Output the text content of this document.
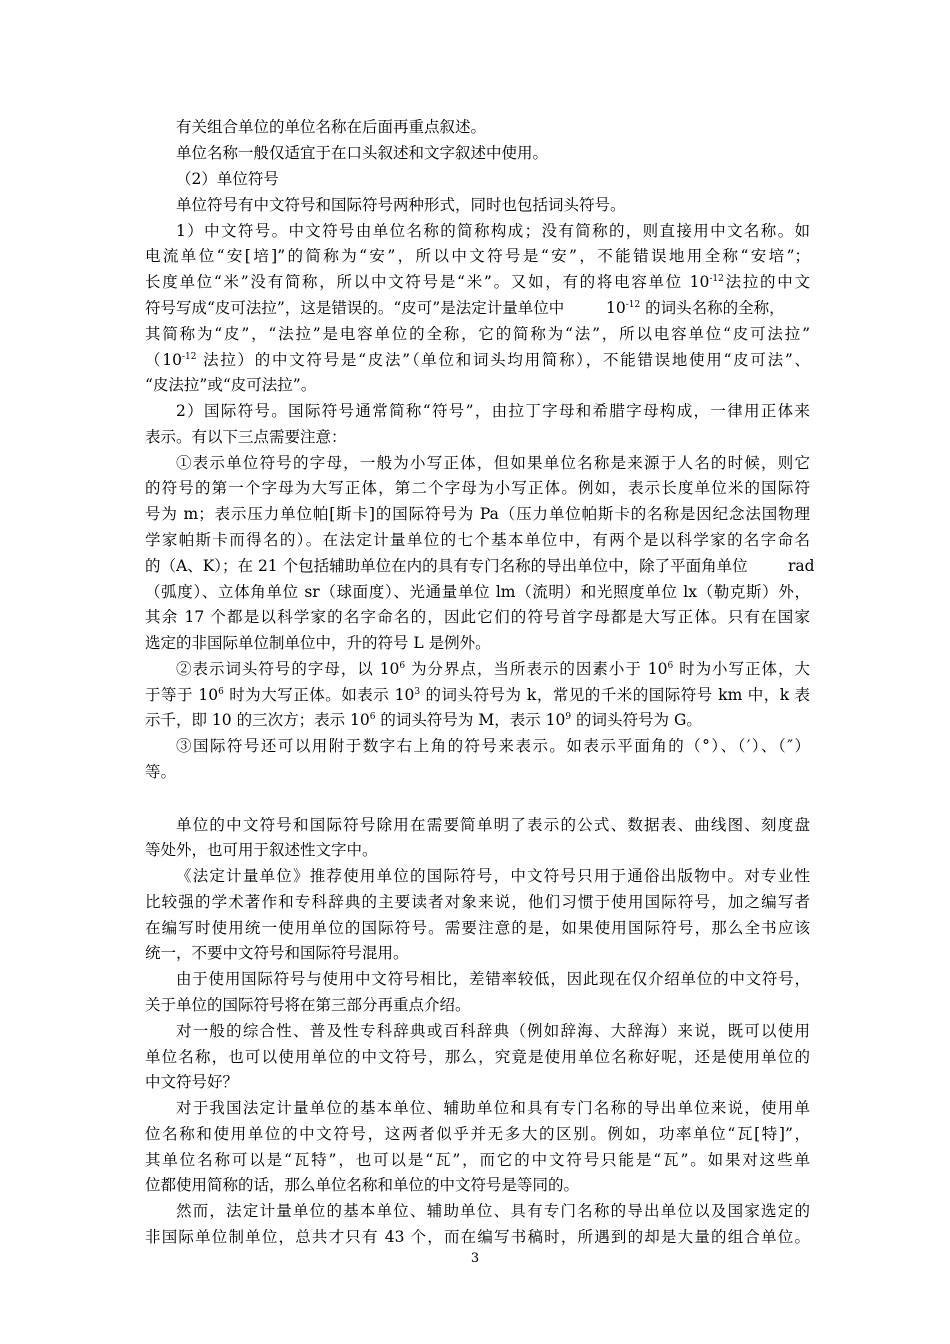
有关组合单位的单位名称在后面再重点叙述。
单位名称一般仅适宜于在口头叙述和文字叙述中使用。
（2）单位符号
单位符号有中文符号和国际符号两种形式，同时也包括词头符号。
1）中文符号。中文符号由单位名称的简称构成；没有简称的，则直接用中文名称。如
电流单位“安[培]”的简称为“安”，所以中文符号是“安”，不能错误地用全称“安培”；
长度单位“米”没有简称，所以中文符号是“米”。又如，有的将电容单位 $10^{-12}$法拉的中文
符号写成“皮可法拉”，这是错误的。“皮可”是法定计量单位中	$10^{-12}$ 的词头名称的全称，
其简称为“皮”，“法拉”是电容单位的全称，它的简称为“法”，所以电容单位“皮可法拉”
（$10^{-12}$ 法拉）的中文符号是“皮法”（单位和词头均用简称），不能错误地使用“皮可法”、
“皮法拉”或“皮可法拉”。
2）国际符号。国际符号通常简称“符号”，由拉丁字母和希腊字母构成，一律用正体来
表示。有以下三点需要注意：
①表示单位符号的字母，一般为小写正体，但如果单位名称是来源于人名的时候，则它
的符号的第一个字母为大写正体，第二个字母为小写正体。例如，表示长度单位米的国际符
号为 m；表示压力单位帕[斯卡]的国际符号为 Pa（压力单位帕斯卡的名称是因纪念法国物理
学家帕斯卡而得名的）。在法定计量单位的七个基本单位中，有两个是以科学家的名字命名
的（A、K）；在 21 个包括辅助单位在内的具有专门名称的导出单位中，除了平面角单位	rad
（弧度）、立体角单位 sr（球面度）、光通量单位 lm（流明）和光照度单位 lx（勒克斯）外，
其余 17 个都是以科学家的名字命名的，因此它们的符号首字母都是大写正体。只有在国家
选定的非国际单位制单位中，升的符号 L 是例外。
②表示词头符号的字母，以 $10^6$ 为分界点，当所表示的因素小于 $10^6$ 时为小写正体，大
于等于 $10^6$ 时为大写正体。如表示 $10^3$ 的词头符号为 k，常见的千米的国际符号 km 中，k 表
示千，即 10 的三次方；表示 $10^6$ 的词头符号为 M，表示 $10^9$ 的词头符号为 G。
③国际符号还可以用附于数字右上角的符号来表示。如表示平面角的（°）、（′）、（″）
等。
单位的中文符号和国际符号除用在需要简单明了表示的公式、数据表、曲线图、刻度盘
等处外，也可用于叙述性文字中。
《法定计量单位》推荐使用单位的国际符号，中文符号只用于通俗出版物中。对专业性
比较强的学术著作和专科辞典的主要读者对象来说，他们习惯于使用国际符号，加之编写者
在编写时使用统一使用单位的国际符号。需要注意的是，如果使用国际符号，那么全书应该
统一，不要中文符号和国际符号混用。
由于使用国际符号与使用中文符号相比，差错率较低，因此现在仅介绍单位的中文符号，
关于单位的国际符号将在第三部分再重点介绍。
对一般的综合性、普及性专科辞典或百科辞典（例如辞海、大辞海）来说，既可以使用
单位名称，也可以使用单位的中文符号，那么，究竟是使用单位名称好呢，还是使用单位的
中文符号好？
对于我国法定计量单位的基本单位、辅助单位和具有专门名称的导出单位来说，使用单
位名称和使用单位的中文符号，这两者似乎并无多大的区别。例如，功率单位“瓦[特]”，
其单位名称可以是“瓦特”，也可以是“瓦”，而它的中文符号只能是“瓦”。如果对这些单
位都使用简称的话，那么单位名称和单位的中文符号是等同的。
然而，法定计量单位的基本单位、辅助单位、具有专门名称的导出单位以及国家选定的
非国际单位制单位，总共才只有 43 个，而在编写书稿时，所遇到的却是大量的组合单位。
3
